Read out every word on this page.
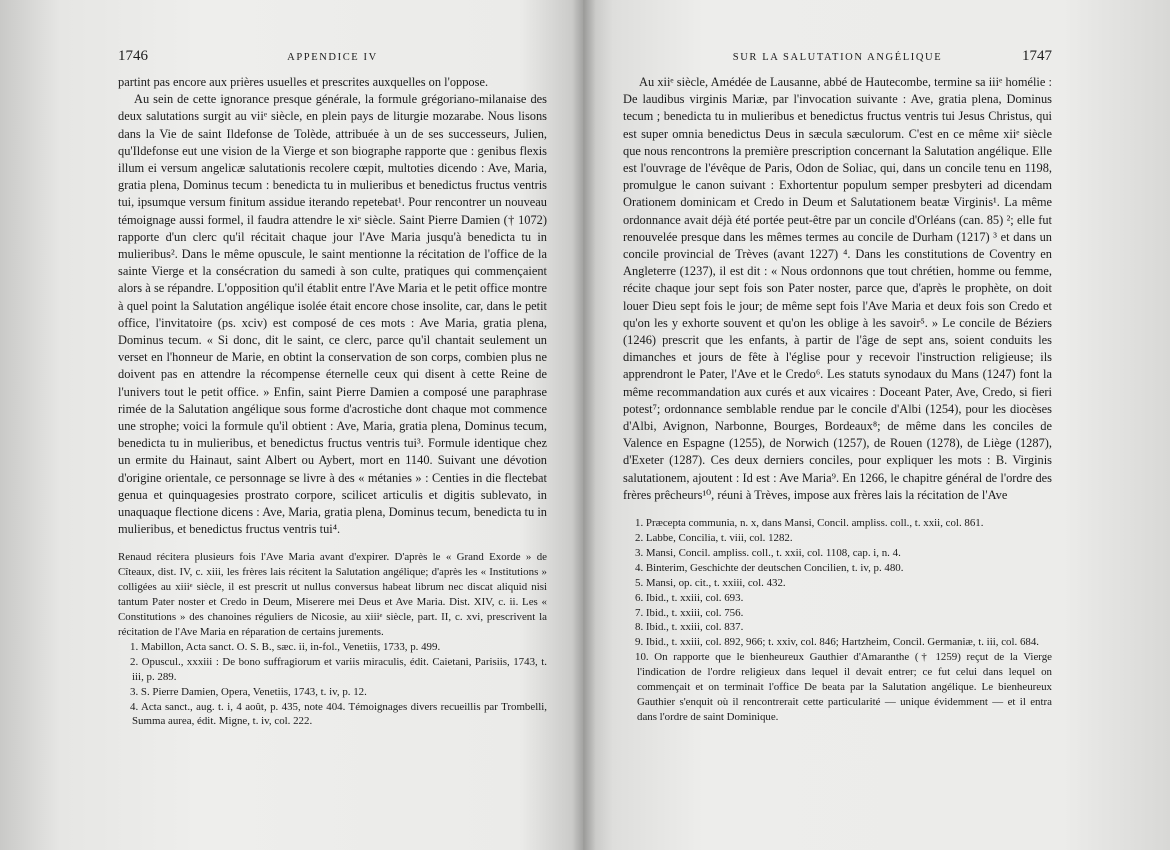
1746	APPENDICE IV

partint pas encore aux prières usuelles et prescrites auxquelles on l'oppose.

Au sein de cette ignorance presque générale, la formule grégoriano-milanaise des deux salutations surgit au viiᵉ siècle, en plein pays de liturgie mozarabe. Nous lisons dans la Vie de saint Ildefonse de Tolède, attribuée à un de ses successeurs, Julien, qu'Ildefonse eut une vision de la Vierge et son biographe rapporte que : genibus flexis illum ei versum angelicæ salutationis recolere cœpit, multoties dicendo : Ave, Maria, gratia plena, Dominus tecum : benedicta tu in mulieribus et benedictus fructus ventris tui, ipsumque versum finitum assidue iterando repetebat¹. Pour rencontrer un nouveau témoignage aussi formel, il faudra attendre le xiᵉ siècle. Saint Pierre Damien († 1072) rapporte d'un clerc qu'il récitait chaque jour l'Ave Maria jusqu'à benedicta tu in mulieribus². Dans le même opuscule, le saint mentionne la récitation de l'office de la sainte Vierge et la consécration du samedi à son culte, pratiques qui commençaient alors à se répandre. L'opposition qu'il établit entre l'Ave Maria et le petit office montre à quel point la Salutation angélique isolée était encore chose insolite, car, dans le petit office, l'invitatoire (ps. xciv) est composé de ces mots : Ave Maria, gratia plena, Dominus tecum. « Si donc, dit le saint, ce clerc, parce qu'il chantait seulement un verset en l'honneur de Marie, en obtint la conservation de son corps, combien plus ne doivent pas en attendre la récompense éternelle ceux qui disent à cette Reine de l'univers tout le petit office. » Enfin, saint Pierre Damien a composé une paraphrase rimée de la Salutation angélique sous forme d'acrostiche dont chaque mot commence une strophe; voici la formule qu'il obtient : Ave, Maria, gratia plena, Dominus tecum, benedicta tu in mulieribus, et benedictus fructus ventris tui³. Formule identique chez un ermite du Hainaut, saint Albert ou Aybert, mort en 1140. Suivant une dévotion d'origine orientale, ce personnage se livre à des « métanies » : Centies in die flectebat genua et quinquagesies prostrato corpore, scilicet articulis et digitis sublevato, in unaquaque flectione dicens : Ave, Maria, gratia plena, Dominus tecum, benedicta tu in mulieribus, et benedictus fructus ventris tui⁴.

Renaud récitera plusieurs fois l'Ave Maria avant d'expirer. D'après le « Grand Exorde » de Cîteaux, dist. IV, c. xiii, les frères lais récitent la Salutation angélique; d'après les « Institutions » colligées au xiiiᵉ siècle, il est prescrit ut nullus conversus habeat librum nec discat aliquid nisi tantum Pater noster et Credo in Deum, Miserere mei Deus et Ave Maria. Dist. XIV, c. ii. Les « Constitutions » des chanoines réguliers de Nicosie, au xiiiᵉ siècle, part. II, c. xvi, prescrivent la récitation de l'Ave Maria en réparation de certains jurements.

1. Mabillon, Acta sanct. O. S. B., sæc. ii, in-fol., Venetiis, 1733, p. 499.

2. Opuscul., xxxiii : De bono suffragiorum et variis miraculis, édit. Caietani, Parisiis, 1743, t. iii, p. 289.

3. S. Pierre Damien, Opera, Venetiis, 1743, t. iv, p. 12.

4. Acta sanct., aug. t. i, 4 août, p. 435, note 404. Témoignages divers recueillis par Trombelli, Summa aurea, édit. Migne, t. iv, col. 222.

SUR LA SALUTATION ANGÉLIQUE	1747

Au xiiᵉ siècle, Amédée de Lausanne, abbé de Hautecombe, termine sa iiiᵉ homélie : De laudibus virginis Mariæ, par l'invocation suivante : Ave, gratia plena, Dominus tecum ; benedicta tu in mulieribus et benedictus fructus ventris tui Jesus Christus, qui est super omnia benedictus Deus in sæcula sæculorum. C'est en ce même xiiᵉ siècle que nous rencontrons la première prescription concernant la Salutation angélique. Elle est l'ouvrage de l'évêque de Paris, Odon de Soliac, qui, dans un concile tenu en 1198, promulgue le canon suivant : Exhortentur populum semper presbyteri ad dicendam Orationem dominicam et Credo in Deum et Salutationem beatæ Virginis¹. La même ordonnance avait déjà été portée peut-être par un concile d'Orléans (can. 85) ²; elle fut renouvelée presque dans les mêmes termes au concile de Durham (1217) ³ et dans un concile provincial de Trèves (avant 1227) ⁴. Dans les constitutions de Coventry en Angleterre (1237), il est dit : « Nous ordonnons que tout chrétien, homme ou femme, récite chaque jour sept fois son Pater noster, parce que, d'après le prophète, on doit louer Dieu sept fois le jour; de même sept fois l'Ave Maria et deux fois son Credo et qu'on les y exhorte souvent et qu'on les oblige à les savoir⁵. » Le concile de Béziers (1246) prescrit que les enfants, à partir de l'âge de sept ans, soient conduits les dimanches et jours de fête à l'église pour y recevoir l'instruction religieuse; ils apprendront le Pater, l'Ave et le Credo⁶. Les statuts synodaux du Mans (1247) font la même recommandation aux curés et aux vicaires : Doceant Pater, Ave, Credo, si fieri potest⁷; ordonnance semblable rendue par le concile d'Albi (1254), pour les diocèses d'Albi, Avignon, Narbonne, Bourges, Bordeaux⁸; de même dans les conciles de Valence en Espagne (1255), de Norwich (1257), de Rouen (1278), de Liège (1287), d'Exeter (1287). Ces deux derniers conciles, pour expliquer les mots : B. Virginis salutationem, ajoutent : Id est : Ave Maria⁹. En 1266, le chapitre général de l'ordre des frères prêcheurs¹⁰, réuni à Trèves, impose aux frères lais la récitation de l'Ave

1. Præcepta communia, n. x, dans Mansi, Concil. ampliss. coll., t. xxii, col. 861.

2. Labbe, Concilia, t. viii, col. 1282.

3. Mansi, Concil. ampliss. coll., t. xxii, col. 1108, cap. i, n. 4.

4. Binterim, Geschichte der deutschen Concilien, t. iv, p. 480.

5. Mansi, op. cit., t. xxiii, col. 432.

6. Ibid., t. xxiii, col. 693.

7. Ibid., t. xxiii, col. 756.

8. Ibid., t. xxiii, col. 837.

9. Ibid., t. xxiii, col. 892, 966; t. xxiv, col. 846; Hartzheim, Concil. Germaniæ, t. iii, col. 684.

10. On rapporte que le bienheureux Gauthier d'Amaranthe († 1259) reçut de la Vierge l'indication de l'ordre religieux dans lequel il devait entrer; ce fut celui dans lequel on commençait et on terminait l'office De beata par la Salutation angélique. Le bienheureux Gauthier s'enquit où il rencontrerait cette particularité — unique évidemment — et il entra dans l'ordre de saint Dominique.
